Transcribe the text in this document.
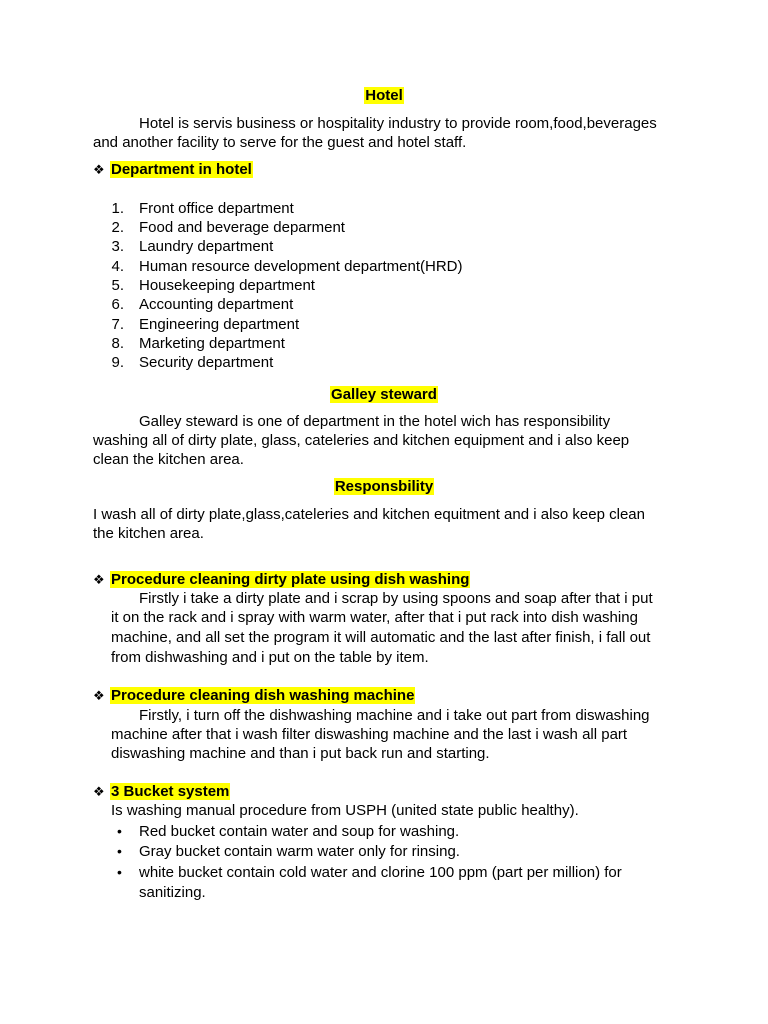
Hotel
Hotel is servis business or hospitality industry to provide room,food,beverages
and another facility to serve for the guest and hotel staff.
❖ Department in hotel
1. Front office department
2. Food and beverage deparment
3. Laundry department
4. Human resource development department(HRD)
5. Housekeeping department
6. Accounting department
7. Engineering department
8. Marketing department
9. Security department
Galley steward
Galley steward is one of department in the hotel wich has responsibility
washing all of dirty plate, glass, cateleries and kitchen equipment and i also keep
clean the kitchen area.
Responsbility
I wash all of dirty plate,glass,cateleries and kitchen equitment and i also keep clean
the kitchen area.
❖ Procedure cleaning dirty plate using dish washing
Firstly i take a dirty plate and i scrap by using spoons and soap after that i put
it on the rack and i spray with warm water, after that i put rack into dish washing
machine, and all set the program it will automatic and the last after finish, i fall out
from dishwashing and i put on the table by item.
❖ Procedure cleaning dish washing machine
Firstly, i turn off the dishwashing machine and i take out part from diswashing
machine after that i wash filter diswashing machine and the last i wash all part
diswashing machine and than i put back run and starting.
❖ 3 Bucket system
Is washing manual procedure from USPH (united state public healthy).
• Red bucket contain water and soup for washing.
• Gray bucket contain warm water only for rinsing.
• white bucket contain cold water and clorine 100 ppm (part per million) for
sanitizing.
